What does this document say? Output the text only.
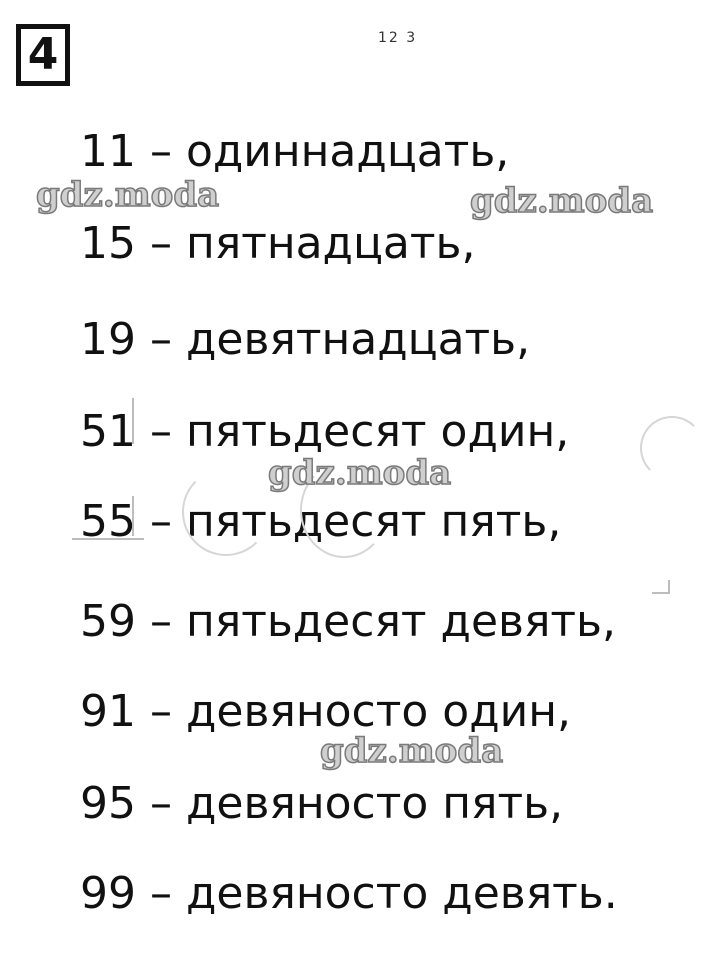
4	12 3

11 – одиннадцать,

15 – пятнадцать,

19 – девятнадцать,

51 – пятьдесят один,

55 – пятьдесят пять,

59 – пятьдесят девять,

91 – девяносто один,

95 – девяносто пять,

99 – девяносто девять.

gdz.moda	gdz.moda
gdz.moda
gdz.moda
